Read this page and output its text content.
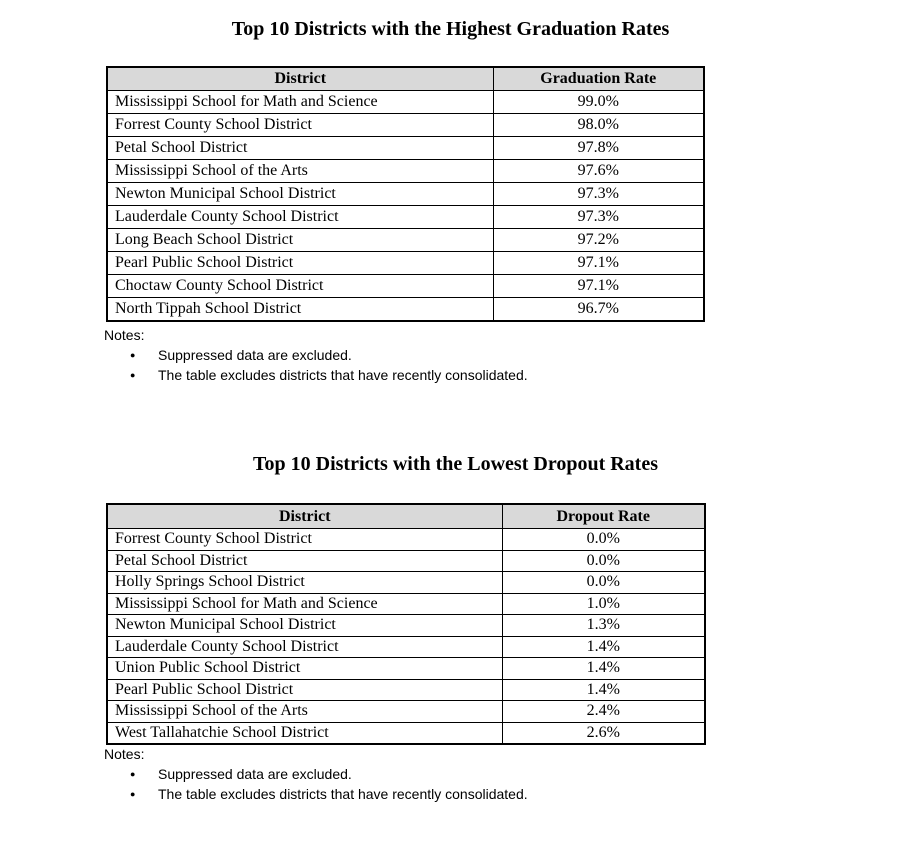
Top 10 Districts with the Highest Graduation Rates
District	Graduation Rate
Mississippi School for Math and Science	99.0%
Forrest County School District	98.0%
Petal School District	97.8%
Mississippi School of the Arts	97.6%
Newton Municipal School District	97.3%
Lauderdale County School District	97.3%
Long Beach School District	97.2%
Pearl Public School District	97.1%
Choctaw County School District	97.1%
North Tippah School District	96.7%
Notes:
● Suppressed data are excluded.
● The table excludes districts that have recently consolidated.
Top 10 Districts with the Lowest Dropout Rates
District	Dropout Rate
Forrest County School District	0.0%
Petal School District	0.0%
Holly Springs School District	0.0%
Mississippi School for Math and Science	1.0%
Newton Municipal School District	1.3%
Lauderdale County School District	1.4%
Union Public School District	1.4%
Pearl Public School District	1.4%
Mississippi School of the Arts	2.4%
West Tallahatchie School District	2.6%
Notes:
● Suppressed data are excluded.
● The table excludes districts that have recently consolidated.
